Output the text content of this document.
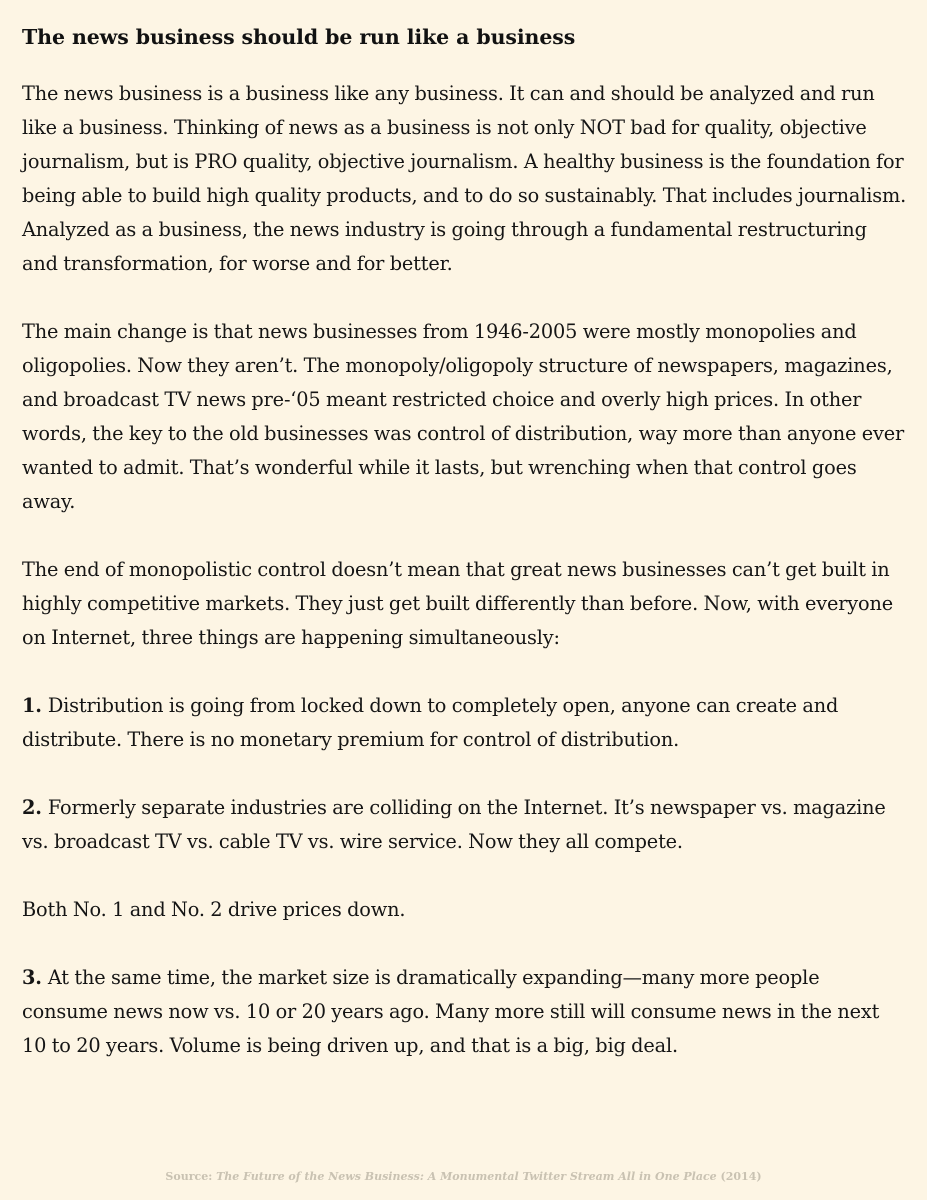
The news business should be run like a business

The news business is a business like any business. It can and should be analyzed and run like a business. Thinking of news as a business is not only NOT bad for quality, objective journalism, but is PRO quality, objective journalism. A healthy business is the foundation for being able to build high quality products, and to do so sustainably. That includes journalism. Analyzed as a business, the news industry is going through a fundamental restructuring and transformation, for worse and for better.

The main change is that news businesses from 1946-2005 were mostly monopolies and oligopolies. Now they aren’t. The monopoly/oligopoly structure of newspapers, magazines, and broadcast TV news pre-‘05 meant restricted choice and overly high prices. In other words, the key to the old businesses was control of distribution, way more than anyone ever wanted to admit. That’s wonderful while it lasts, but wrenching when that control goes away.

The end of monopolistic control doesn’t mean that great news businesses can’t get built in highly competitive markets. They just get built differently than before. Now, with everyone on Internet, three things are happening simultaneously:

1. Distribution is going from locked down to completely open, anyone can create and distribute. There is no monetary premium for control of distribution.

2. Formerly separate industries are colliding on the Internet. It’s newspaper vs. magazine vs. broadcast TV vs. cable TV vs. wire service. Now they all compete.

Both No. 1 and No. 2 drive prices down.

3. At the same time, the market size is dramatically expanding—many more people consume news now vs. 10 or 20 years ago. Many more still will consume news in the next 10 to 20 years. Volume is being driven up, and that is a big, big deal.

Source: The Future of the News Business: A Monumental Twitter Stream All in One Place (2014)
